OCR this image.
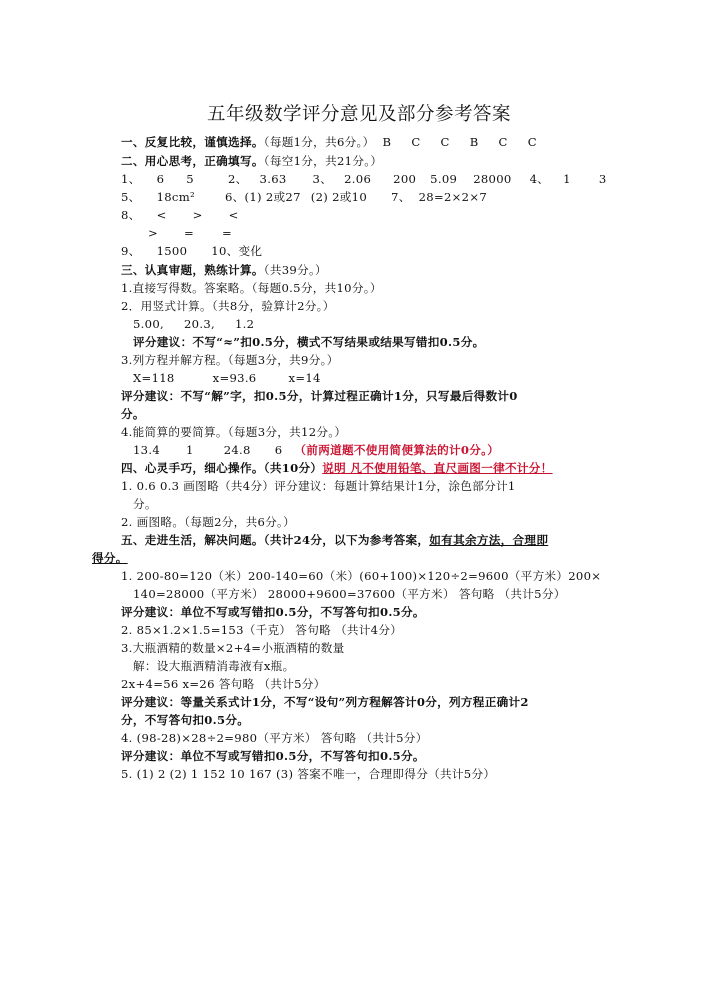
五年级数学评分意见及部分参考答案
一、反复比较，谨慎选择。（每题1分，共6分。） B C C B C C
二、用心思考，正确填写。（每空1分，共21分。）
1、 6 5	2、 3.63 3、 2.06 200 5.09 28000 4、 1 3
5、 18cm²	6、(1) 2或27 (2) 2或10 7、 28=2×2×7
8、 < > <
> = =
9、 1500 10、变化
三、认真审题，熟练计算。（共39分。）
1.直接写得数。答案略。（每题0.5分，共10分。）
2．用竖式计算。（共8分，验算计2分。）
5.00, 20.3, 1.2
评分建议：不写“≈”扣0.5分，横式不写结果或结果写错扣0.5分。
3.列方程并解方程。（每题3分，共9分。）
X=118	x=93.6	x=14
评分建议：不写“解”字，扣0.5分，计算过程正确计1分，只写最后得数计0
分。
4.能简算的要简算。（每题3分，共12分。）
13.4 1	24.8 6 （前两道题不使用简便算法的计0分。）
四、心灵手巧，细心操作。（共10分）说明 凡不使用铅笔、直尺画图一律不计分！
1. 0.6 0.3 画图略（共4分）评分建议：每题计算结果计1分，涂色部分计1
分。
2. 画图略。（每题2分，共6分。）
五、走进生活，解决问题。（共计24分，以下为参考答案，如有其余方法，合理即
得分。
1. 200-80=120（米）200-140=60（米）(60+100)×120÷2=9600（平方米）200×
140=28000（平方米） 28000+9600=37600（平方米） 答句略 （共计5分）
评分建议：单位不写或写错扣0.5分，不写答句扣0.5分。
2. 85×1.2×1.5=153（千克） 答句略 （共计4分）
3.大瓶酒精的数量×2+4=小瓶酒精的数量
解：设大瓶酒精消毒液有x瓶。
2x+4=56 x=26 答句略 （共计5分）
评分建议：等量关系式计1分，不写“设句”列方程解答计0分，列方程正确计2
分，不写答句扣0.5分。
4. (98-28)×28÷2=980（平方米） 答句略 （共计5分）
评分建议：单位不写或写错扣0.5分，不写答句扣0.5分。
5. (1) 2 (2) 1 152 10 167 (3) 答案不唯一，合理即得分（共计5分）
